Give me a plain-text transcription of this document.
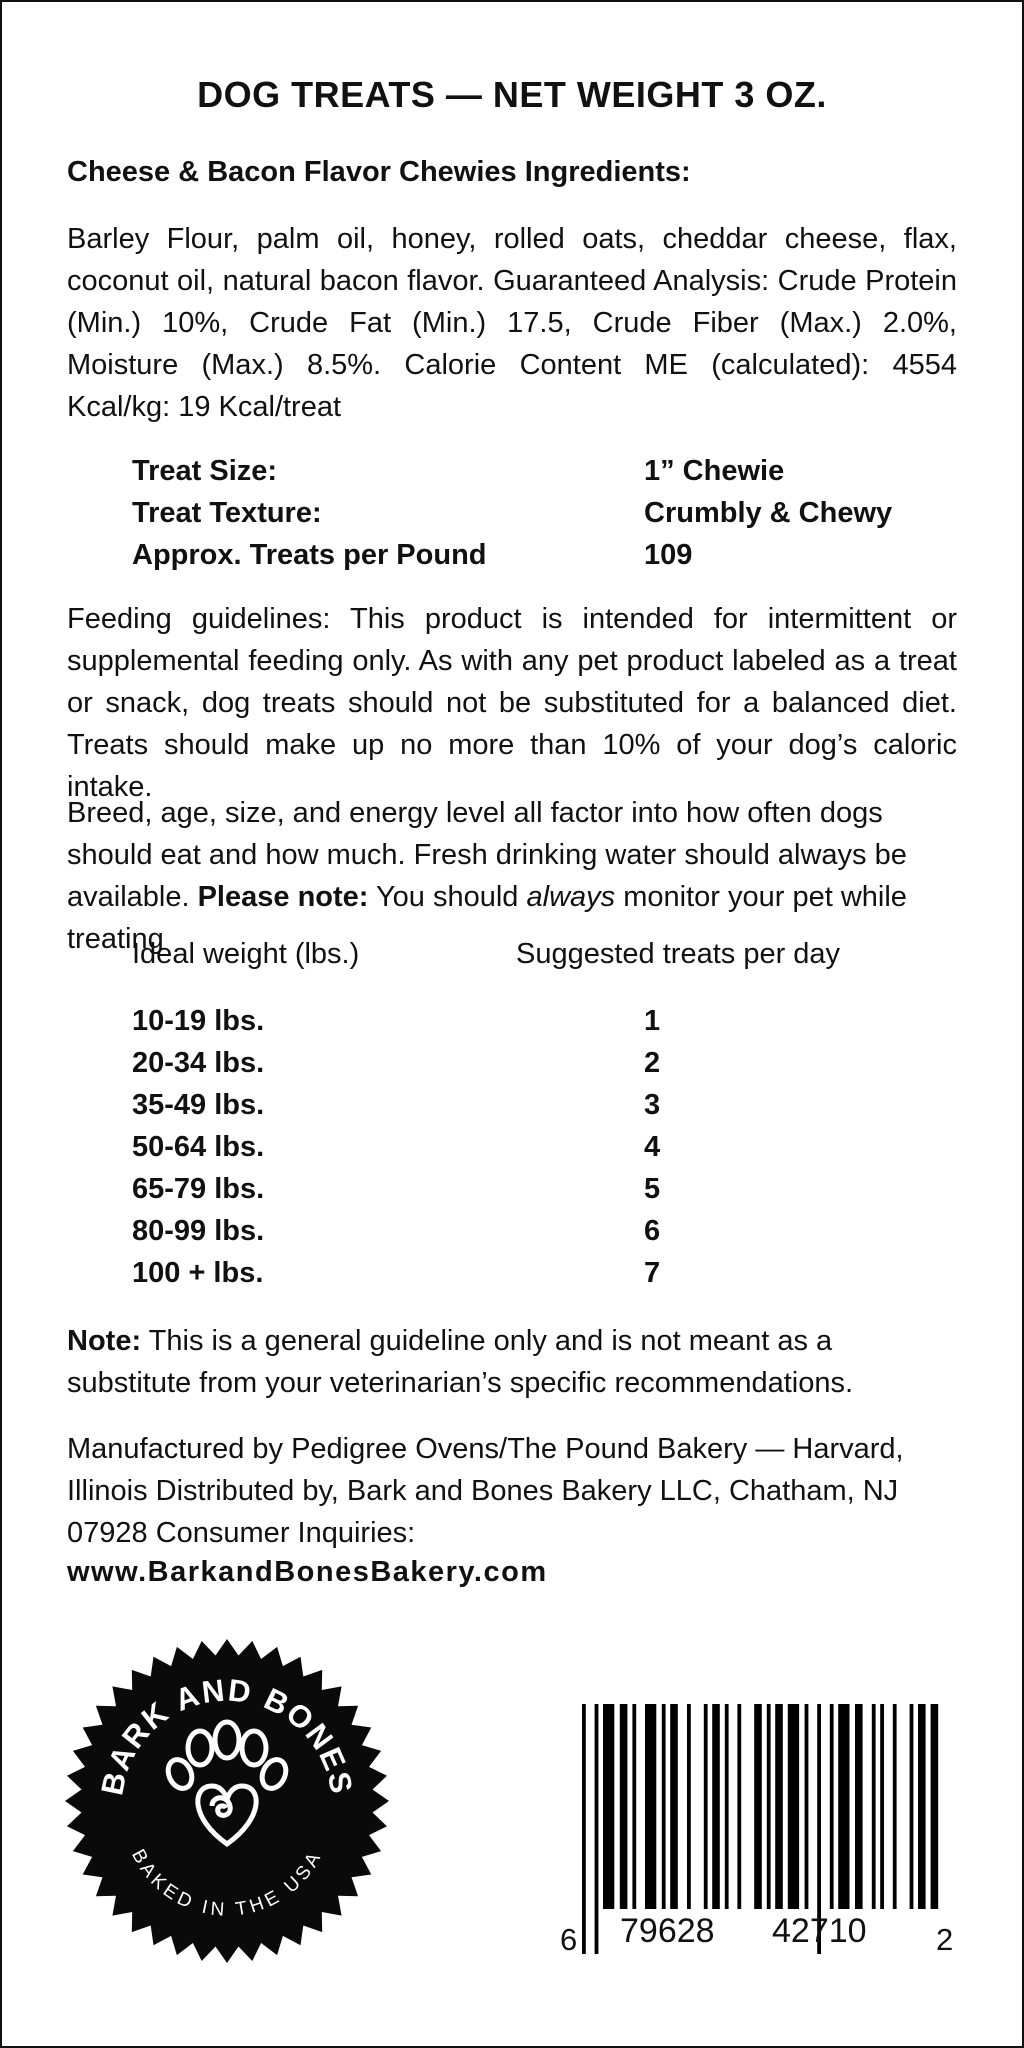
DOG TREATS — NET WEIGHT 3 OZ.
Cheese & Bacon Flavor Chewies Ingredients:
Barley Flour, palm oil, honey, rolled oats, cheddar cheese, flax, coconut oil, natural bacon flavor. Guaranteed Analysis: Crude Protein (Min.) 10%, Crude Fat (Min.) 17.5, Crude Fiber (Max.) 2.0%, Moisture (Max.) 8.5%. Calorie Content ME (calculated): 4554 Kcal/kg: 19 Kcal/treat
Treat Size:	1” Chewie
Treat Texture:	Crumbly & Chewy
Approx. Treats per Pound	109
Feeding guidelines: This product is intended for intermittent or supplemental feeding only. As with any pet product labeled as a treat or snack, dog treats should not be substituted for a balanced diet. Treats should make up no more than 10% of your dog’s caloric intake.
Breed, age, size, and energy level all factor into how often dogs should eat and how much. Fresh drinking water should always be available. Please note: You should always monitor your pet while treating
Ideal weight (lbs.)	Suggested treats per day
10-19 lbs.	1
20-34 lbs.	2
35-49 lbs.	3
50-64 lbs.	4
65-79 lbs.	5
80-99 lbs.	6
100 + lbs.	7
Note: This is a general guideline only and is not meant as a substitute from your veterinarian’s specific recommendations.
Manufactured by Pedigree Ovens/The Pound Bakery — Harvard, Illinois Distributed by, Bark and Bones Bakery LLC, Chatham, NJ 07928 Consumer Inquiries:
www.BarkandBonesBakery.com
BARK AND BONES
BAKED IN THE USA
6 79628 42710 2
